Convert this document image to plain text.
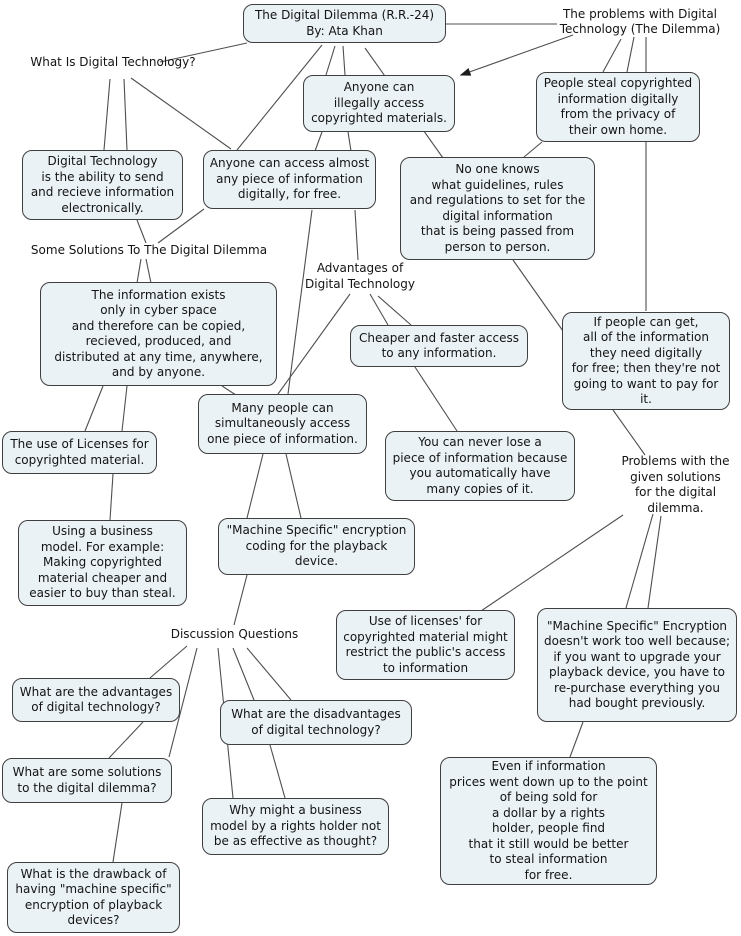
The Digital Dilemma (R.R.-24)
By: Ata Khan
What Is Digital Technology?
The problems with Digital
Technology (The Dilemma)
Anyone can
illegally access
copyrighted materials.
People steal copyrighted
information digitally
from the privacy of
their own home.
Digital Technology
is the ability to send
and recieve information
electronically.
Anyone can access almost
any piece of information
digitally, for free.
No one knows
what guidelines, rules
and regulations to set for the
digital information
that is being passed from
person to person.
Some Solutions To The Digital Dilemma
Advantages of
Digital Technology
The information exists
only in cyber space
and therefore can be copied,
recieved, produced, and
distributed at any time, anywhere,
and by anyone.
Cheaper and faster access
to any information.
If people can get,
all of the information
they need digitally
for free; then they're not
going to want to pay for
it.
Many people can
simultaneously access
one piece of information.
The use of Licenses for
copyrighted material.
You can never lose a
piece of information because
you automatically have
many copies of it.
Problems with the
given solutions
for the digital
dilemma.
Using a business
model. For example:
Making copyrighted
material cheaper and
easier to buy than steal.
"Machine Specific" encryption
coding for the playback
device.
Discussion Questions
Use of licenses' for
copyrighted material might
restrict the public's access
to information
"Machine Specific" Encryption
doesn't work too well because;
if you want to upgrade your
playback device, you have to
re-purchase everything you
had bought previously.
What are the advantages
of digital technology?	What are the disadvantages
of digital technology?
What are some solutions
to the digital dilemma?
Why might a business
model by a rights holder not
be as effective as thought?
Even if information
prices went down up to the point
of being sold for
a dollar by a rights
holder, people find
that it still would be better
to steal information
for free.
What is the drawback of
having "machine specific"
encryption of playback
devices?
